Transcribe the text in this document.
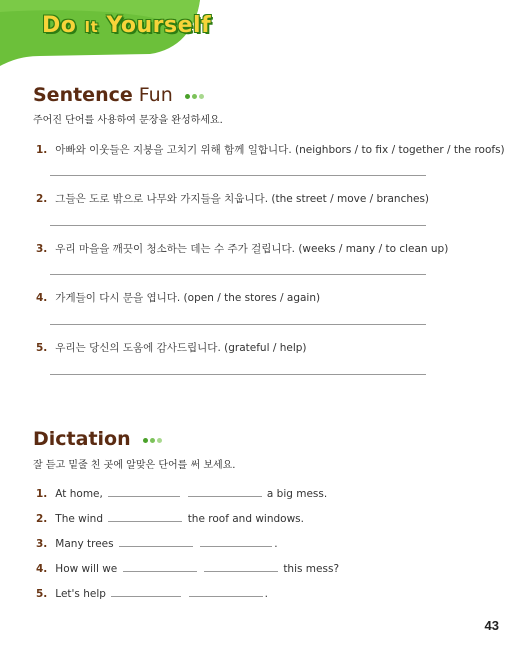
Do It Yourself
Sentence Fun
주어진 단어를 사용하여 문장을 완성하세요.
1. 아빠와 이웃들은 지붕을 고치기 위해 함께 일합니다. (neighbors / to fix / together / the roofs)
2. 그들은 도로 밖으로 나무와 가지들을 치웁니다. (the street / move / branches)
3. 우리 마을을 깨끗이 청소하는 데는 수 주가 걸립니다. (weeks / many / to clean up)
4. 가게들이 다시 문을 엽니다. (open / the stores / again)
5. 우리는 당신의 도움에 감사드립니다. (grateful / help)
Dictation
잘 듣고 밑줄 친 곳에 알맞은 단어를 써 보세요.
1. At home,	a big mess.
2. The wind	the roof and windows.
3. Many trees	.
4. How will we	this mess?
5. Let's help	.
43
